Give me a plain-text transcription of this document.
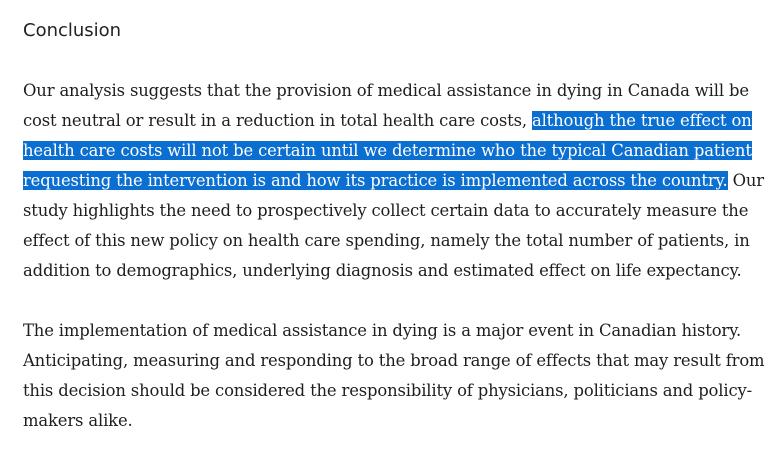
Conclusion

Our analysis suggests that the provision of medical assistance in dying in Canada will be cost neutral or result in a reduction in total health care costs, although the true effect on health care costs will not be certain until we determine who the typical Canadian patient requesting the intervention is and how its practice is implemented across the country. Our study highlights the need to prospectively collect certain data to accurately measure the effect of this new policy on health care spending, namely the total number of patients, in addition to demographics, underlying diagnosis and estimated effect on life expectancy.

The implementation of medical assistance in dying is a major event in Canadian history. Anticipating, measuring and responding to the broad range of effects that may result from this decision should be considered the responsibility of physicians, politicians and policy-makers alike.
